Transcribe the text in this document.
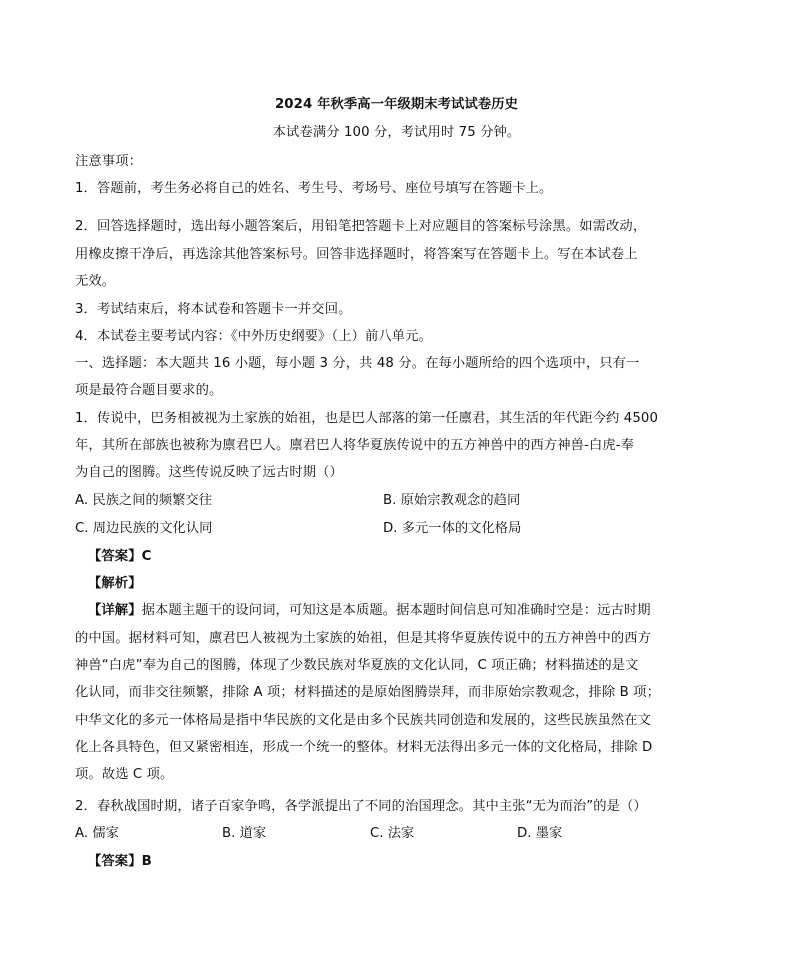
2024 年秋季高一年级期末考试试卷历史
本试卷满分 100 分，考试用时 75 分钟。
注意事项：
1．答题前，考生务必将自己的姓名、考生号、考场号、座位号填写在答题卡上。
2．回答选择题时，选出每小题答案后，用铅笔把答题卡上对应题目的答案标号涂黑。如需改动，
用橡皮擦干净后，再选涂其他答案标号。回答非选择题时，将答案写在答题卡上。写在本试卷上
无效。
3．考试结束后，将本试卷和答题卡一并交回。
4．本试卷主要考试内容：《中外历史纲要》（上）前八单元。
一、选择题：本大题共 16 小题，每小题 3 分，共 48 分。在每小题所给的四个选项中，只有一
项是最符合题目要求的。
1．传说中，巴务相被视为土家族的始祖，也是巴人部落的第一任廪君，其生活的年代距今约 4500
年，其所在部族也被称为廪君巴人。廪君巴人将华夏族传说中的五方神兽中的西方神兽-白虎-奉
为自己的图腾。这些传说反映了远古时期（）
A. 民族之间的频繁交往	B. 原始宗教观念的趋同
C. 周边民族的文化认同	D. 多元一体的文化格局
【答案】C
【解析】
【详解】据本题主题干的设问词，可知这是本质题。据本题时间信息可知准确时空是：远古时期
的中国。据材料可知，廪君巴人被视为土家族的始祖，但是其将华夏族传说中的五方神兽中的西方
神兽“白虎”奉为自己的图腾，体现了少数民族对华夏族的文化认同，C 项正确；材料描述的是文
化认同，而非交往频繁，排除 A 项；材料描述的是原始图腾崇拜，而非原始宗教观念，排除 B 项；
中华文化的多元一体格局是指中华民族的文化是由多个民族共同创造和发展的，这些民族虽然在文
化上各具特色，但又紧密相连，形成一个统一的整体。材料无法得出多元一体的文化格局，排除 D
项。故选 C 项。
2．春秋战国时期，诸子百家争鸣，各学派提出了不同的治国理念。其中主张“无为而治”的是（）
A. 儒家	B. 道家	C. 法家	D. 墨家
【答案】B
